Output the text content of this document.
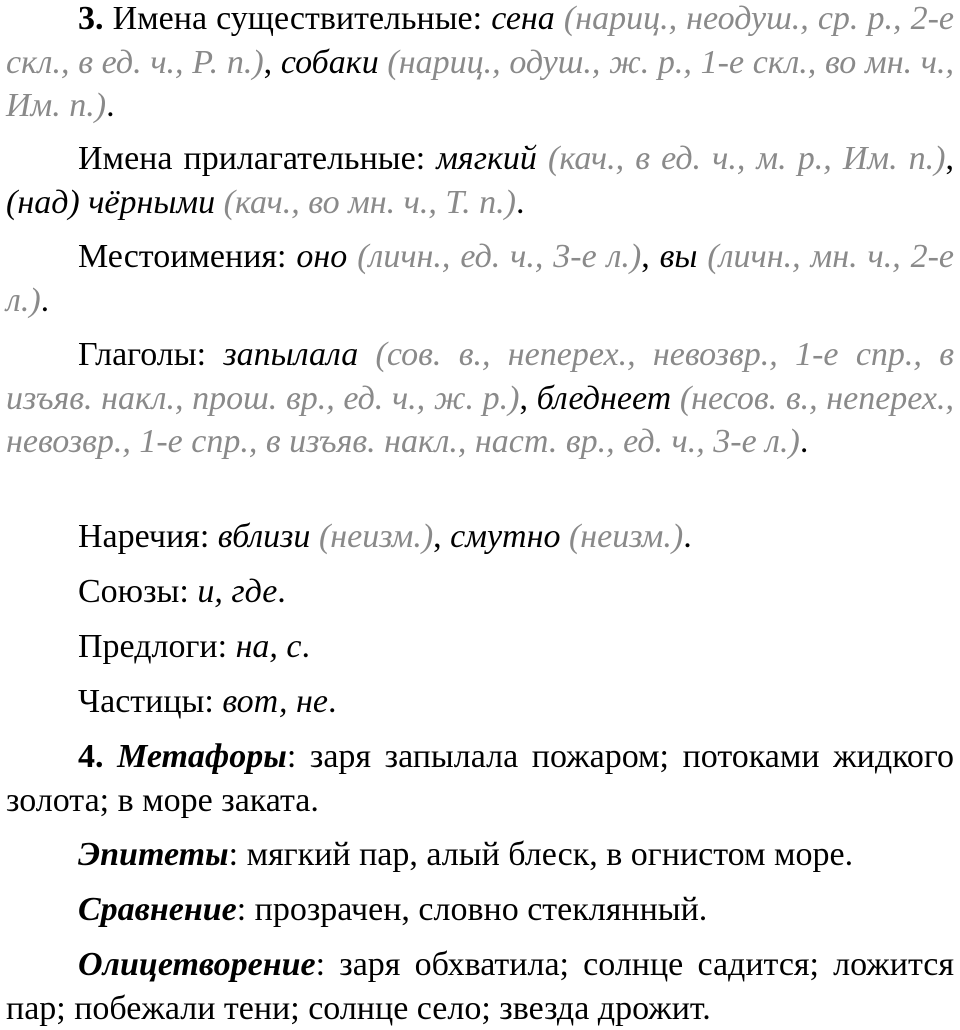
3. Имена существительные: сена (нариц., неодуш., ср. р., 2-е скл., в ед. ч., Р. п.), собаки (нариц., одуш., ж. р., 1-е скл., во мн. ч., Им. п.).

Имена прилагательные: мягкий (кач., в ед. ч., м. р., Им. п.), (над) чёрными (кач., во мн. ч., Т. п.).

Местоимения: оно (личн., ед. ч., 3-е л.), вы (личн., мн. ч., 2-е л.).

Глаголы: запылала (сов. в., неперех., невозвр., 1-е спр., в изъяв. накл., прош. вр., ед. ч., ж. р.), бледнеет (несов. в., неперех., невозвр., 1-е спр., в изъяв. накл., наст. вр., ед. ч., 3-е л.).

Наречия: вблизи (неизм.), смутно (неизм.).

Союзы: и, где.

Предлоги: на, с.

Частицы: вот, не.

4. Метафоры: заря запылала пожаром; потоками жидкого золота; в море заката.

Эпитеты: мягкий пар, алый блеск, в огнистом море.

Сравнение: прозрачен, словно стеклянный.

Олицетворение: заря обхватила; солнце садится; ложится пар; побежали тени; солнце село; звезда дрожит.
